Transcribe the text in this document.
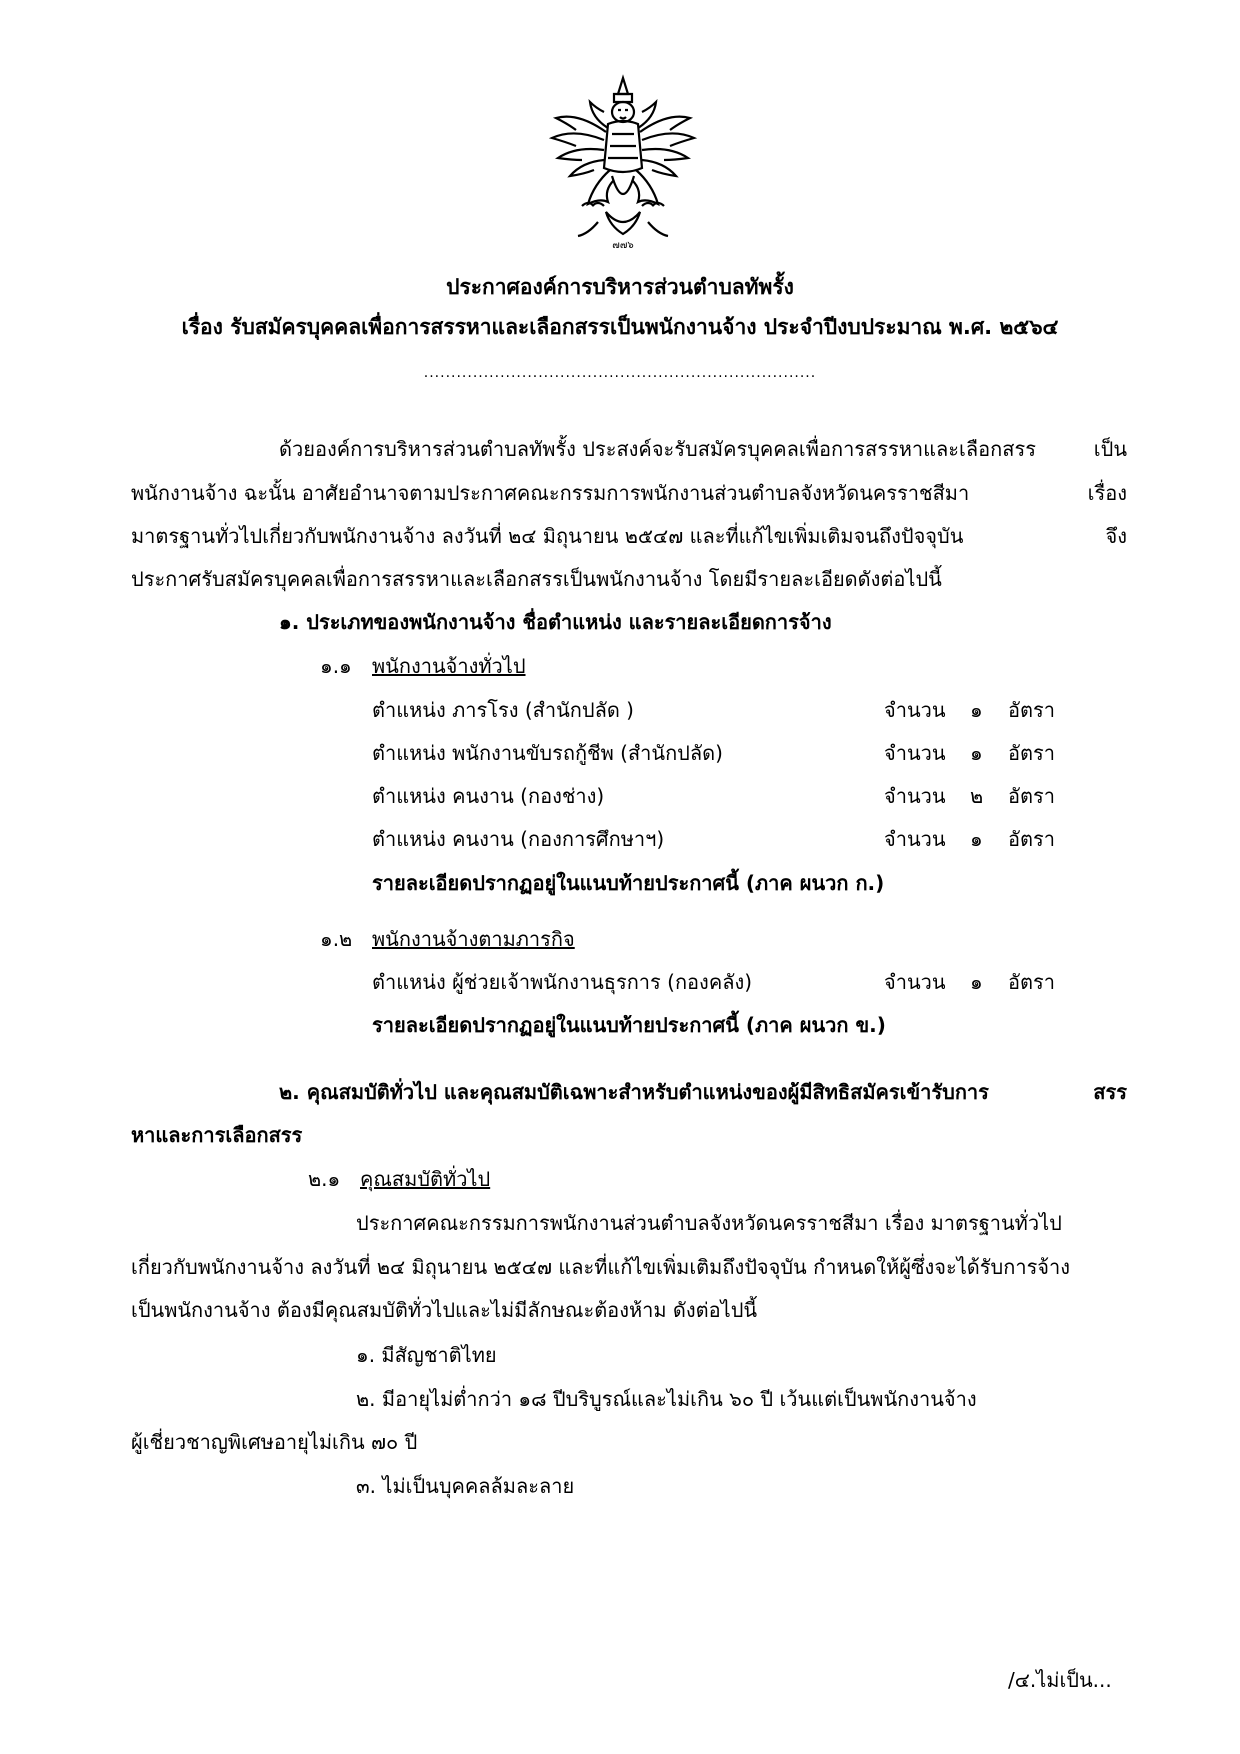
๗๗๖
ประกาศองค์การบริหารส่วนตำบลทัพรั้ง
เรื่อง รับสมัครบุคคลเพื่อการสรรหาและเลือกสรรเป็นพนักงานจ้าง ประจำปีงบประมาณ พ.ศ. ๒๕๖๔
........................................................................
ด้วยองค์การบริหารส่วนตำบลทัพรั้ง ประสงค์จะรับสมัครบุคคลเพื่อการสรรหาและเลือกสรร	เป็น
พนักงานจ้าง ฉะนั้น อาศัยอำนาจตามประกาศคณะกรรมการพนักงานส่วนตำบลจังหวัดนครราชสีมา	เรื่อง
มาตรฐานทั่วไปเกี่ยวกับพนักงานจ้าง ลงวันที่ ๒๔ มิถุนายน ๒๕๔๗ และที่แก้ไขเพิ่มเติมจนถึงปัจจุบัน	จึง
ประกาศรับสมัครบุคคลเพื่อการสรรหาและเลือกสรรเป็นพนักงานจ้าง โดยมีรายละเอียดดังต่อไปนี้
๑. ประเภทของพนักงานจ้าง ชื่อตำแหน่ง และรายละเอียดการจ้าง
๑.๑ พนักงานจ้างทั่วไป
ตำแหน่ง ภารโรง (สำนักปลัด )	จำนวน ๑ อัตรา
ตำแหน่ง พนักงานขับรถกู้ชีพ (สำนักปลัด)	จำนวน ๑ อัตรา
ตำแหน่ง คนงาน (กองช่าง)	จำนวน ๒ อัตรา
ตำแหน่ง คนงาน (กองการศึกษาฯ)	จำนวน ๑ อัตรา
รายละเอียดปรากฏอยู่ในแนบท้ายประกาศนี้ (ภาค ผนวก ก.)
๑.๒ พนักงานจ้างตามภารกิจ
ตำแหน่ง ผู้ช่วยเจ้าพนักงานธุรการ (กองคลัง)	จำนวน ๑ อัตรา
รายละเอียดปรากฏอยู่ในแนบท้ายประกาศนี้ (ภาค ผนวก ข.)
๒. คุณสมบัติทั่วไป และคุณสมบัติเฉพาะสำหรับตำแหน่งของผู้มีสิทธิสมัครเข้ารับการ	สรร
หาและการเลือกสรร
๒.๑ คุณสมบัติทั่วไป
ประกาศคณะกรรมการพนักงานส่วนตำบลจังหวัดนครราชสีมา เรื่อง มาตรฐานทั่วไป
เกี่ยวกับพนักงานจ้าง ลงวันที่ ๒๔ มิถุนายน ๒๕๔๗ และที่แก้ไขเพิ่มเติมถึงปัจจุบัน กำหนดให้ผู้ซึ่งจะได้รับการจ้าง
เป็นพนักงานจ้าง ต้องมีคุณสมบัติทั่วไปและไม่มีลักษณะต้องห้าม ดังต่อไปนี้
๑. มีสัญชาติไทย
๒. มีอายุไม่ต่ำกว่า ๑๘ ปีบริบูรณ์และไม่เกิน ๖๐ ปี เว้นแต่เป็นพนักงานจ้าง
ผู้เชี่ยวชาญพิเศษอายุไม่เกิน ๗๐ ปี
๓. ไม่เป็นบุคคลล้มละลาย
/๔.ไม่เป็น...
